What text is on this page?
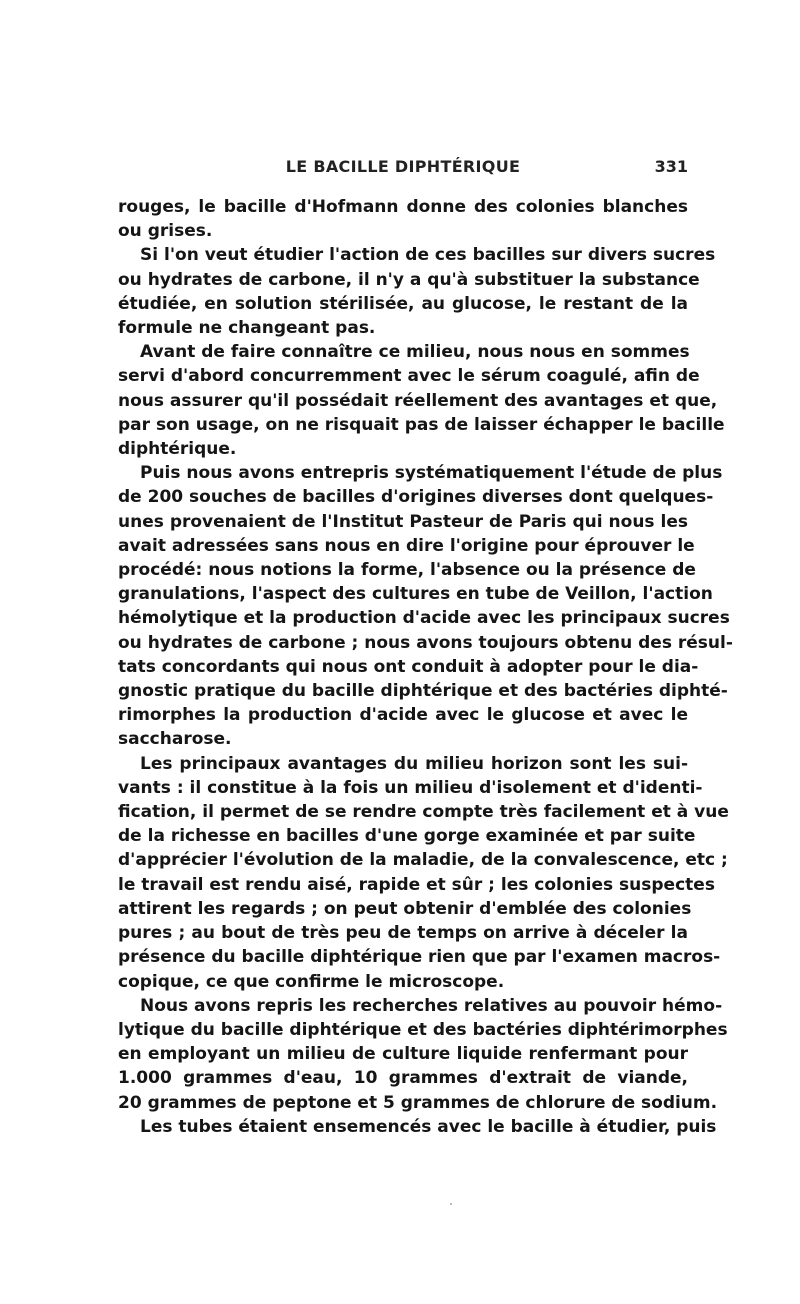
LE BACILLE DIPHTÉRIQUE	331
rouges, le bacille d'Hofmann donne des colonies blanches
ou grises.
Si l'on veut étudier l'action de ces bacilles sur divers sucres
ou hydrates de carbone, il n'y a qu'à substituer la substance
étudiée, en solution stérilisée, au glucose, le restant de la
formule ne changeant pas.
Avant de faire connaître ce milieu, nous nous en sommes
servi d'abord concurremment avec le sérum coagulé, afin de
nous assurer qu'il possédait réellement des avantages et que,
par son usage, on ne risquait pas de laisser échapper le bacille
diphtérique.
Puis nous avons entrepris systématiquement l'étude de plus
de 200 souches de bacilles d'origines diverses dont quelques-
unes provenaient de l'Institut Pasteur de Paris qui nous les
avait adressées sans nous en dire l'origine pour éprouver le
procédé: nous notions la forme, l'absence ou la présence de
granulations, l'aspect des cultures en tube de Veillon, l'action
hémolytique et la production d'acide avec les principaux sucres
ou hydrates de carbone ; nous avons toujours obtenu des résul-
tats concordants qui nous ont conduit à adopter pour le dia-
gnostic pratique du bacille diphtérique et des bactéries diphté-
rimorphes la production d'acide avec le glucose et avec le
saccharose.
Les principaux avantages du milieu horizon sont les sui-
vants : il constitue à la fois un milieu d'isolement et d'identi-
fication, il permet de se rendre compte très facilement et à vue
de la richesse en bacilles d'une gorge examinée et par suite
d'apprécier l'évolution de la maladie, de la convalescence, etc ;
le travail est rendu aisé, rapide et sûr ; les colonies suspectes
attirent les regards ; on peut obtenir d'emblée des colonies
pures ; au bout de très peu de temps on arrive à déceler la
présence du bacille diphtérique rien que par l'examen macros-
copique, ce que confirme le microscope.
Nous avons repris les recherches relatives au pouvoir hémo-
lytique du bacille diphtérique et des bactéries diphtérimorphes
en employant un milieu de culture liquide renfermant pour
1.000 grammes d'eau, 10 grammes d'extrait de viande,
20 grammes de peptone et 5 grammes de chlorure de sodium.
Les tubes étaient ensemencés avec le bacille à étudier, puis
